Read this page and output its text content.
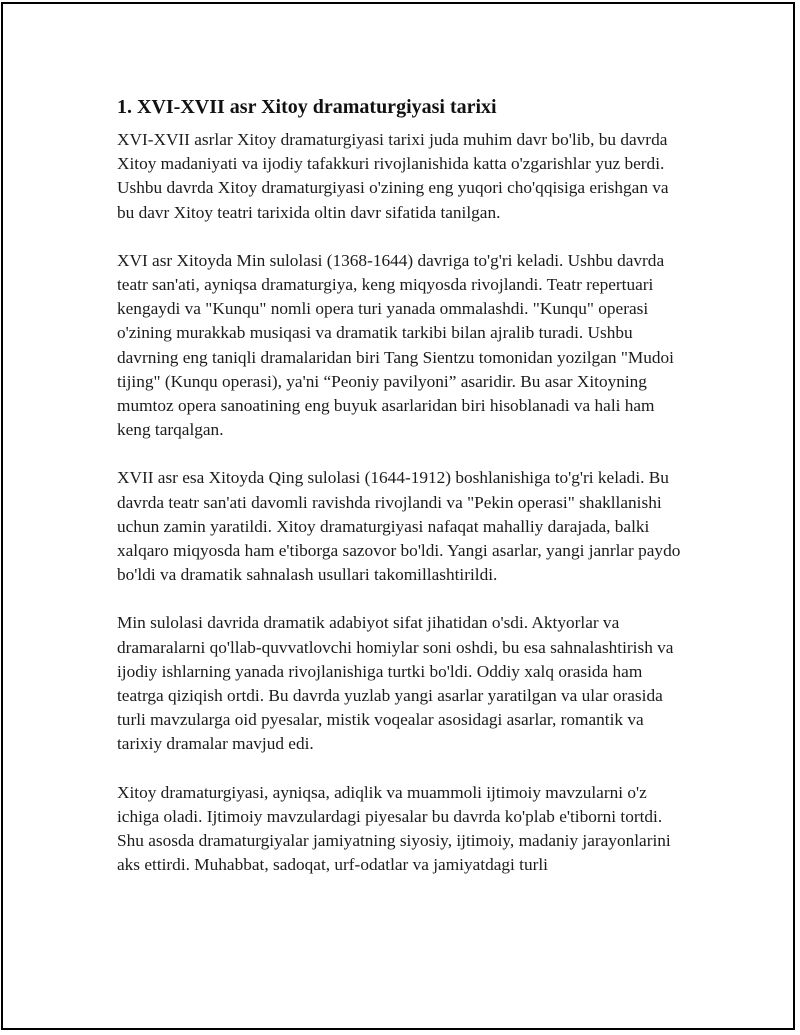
1. XVI-XVII asr Xitoy dramaturgiyasi tarixi

XVI-XVII asrlar Xitoy dramaturgiyasi tarixi juda muhim davr bo'lib, bu davrda Xitoy madaniyati va ijodiy tafakkuri rivojlanishida katta o'zgarishlar yuz berdi. Ushbu davrda Xitoy dramaturgiyasi o'zining eng yuqori cho'qqisiga erishgan va bu davr Xitoy teatri tarixida oltin davr sifatida tanilgan.

XVI asr Xitoyda Min sulolasi (1368-1644) davriga to'g'ri keladi. Ushbu davrda teatr san'ati, ayniqsa dramaturgiya, keng miqyosda rivojlandi. Teatr repertuari kengaydi va "Kunqu" nomli opera turi yanada ommalashdi. "Kunqu" operasi o'zining murakkab musiqasi va dramatik tarkibi bilan ajralib turadi. Ushbu davrning eng taniqli dramalaridan biri Tang Sientzu tomonidan yozilgan "Mudoi tijing" (Kunqu operasi), ya'ni “Peoniy pavilyoni” asaridir. Bu asar Xitoyning mumtoz opera sanoatining eng buyuk asarlaridan biri hisoblanadi va hali ham keng tarqalgan.

XVII asr esa Xitoyda Qing sulolasi (1644-1912) boshlanishiga to'g'ri keladi. Bu davrda teatr san'ati davomli ravishda rivojlandi va "Pekin operasi" shakllanishi uchun zamin yaratildi. Xitoy dramaturgiyasi nafaqat mahalliy darajada, balki xalqaro miqyosda ham e'tiborga sazovor bo'ldi. Yangi asarlar, yangi janrlar paydo bo'ldi va dramatik sahnalash usullari takomillashtirildi.

Min sulolasi davrida dramatik adabiyot sifat jihatidan o'sdi. Aktyorlar va dramaralarni qo'llab-quvvatlovchi homiylar soni oshdi, bu esa sahnalashtirish va ijodiy ishlarning yanada rivojlanishiga turtki bo'ldi. Oddiy xalq orasida ham teatrga qiziqish ortdi. Bu davrda yuzlab yangi asarlar yaratilgan va ular orasida turli mavzularga oid pyesalar, mistik voqealar asosidagi asarlar, romantik va tarixiy dramalar mavjud edi.

Xitoy dramaturgiyasi, ayniqsa, adiqlik va muammoli ijtimoiy mavzularni o'z ichiga oladi. Ijtimoiy mavzulardagi piyesalar bu davrda ko'plab e'tiborni tortdi. Shu asosda dramaturgiyalar jamiyatning siyosiy, ijtimoiy, madaniy jarayonlarini aks ettirdi. Muhabbat, sadoqat, urf-odatlar va jamiyatdagi turli
